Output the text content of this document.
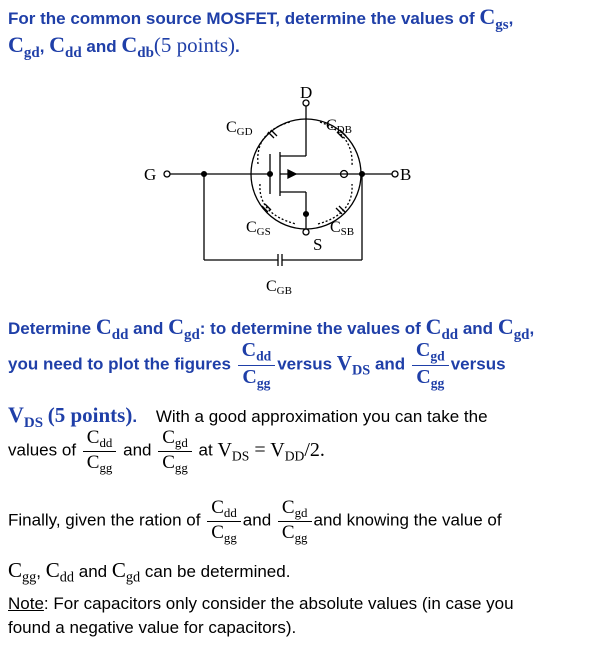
For the common source MOSFET, determine the values of $C_{gs}$,
$C_{gd}$, $C_{dd}$ and $C_{db}(5$ points).
D
G	B
S
CGD	CDB
CGS	CSB
CGB
Determine $C_{dd}$ and $C_{gd}$: to determine the values of $C_{dd}$ and $C_{gd}$,
you need to plot the figures $\frac{C_{dd}}{C_{gg}}$ versus $V_{DS}$ and $\frac{C_{gd}}{C_{gg}}$ versus
$V_{DS}$ (5 points). With a good approximation you can take the
values of $\frac{C_{dd}}{C_{gg}}$ and $\frac{C_{gd}}{C_{gg}}$ at $V_{DS} = V_{DD}/2$.
Finally, given the ration of $\frac{C_{dd}}{C_{gg}}$ and $\frac{C_{gd}}{C_{gg}}$ and knowing the value of
$C_{gg}$, $C_{dd}$ and $C_{gd}$ can be determined.
Note: For capacitors only consider the absolute values (in case you
found a negative value for capacitors).
